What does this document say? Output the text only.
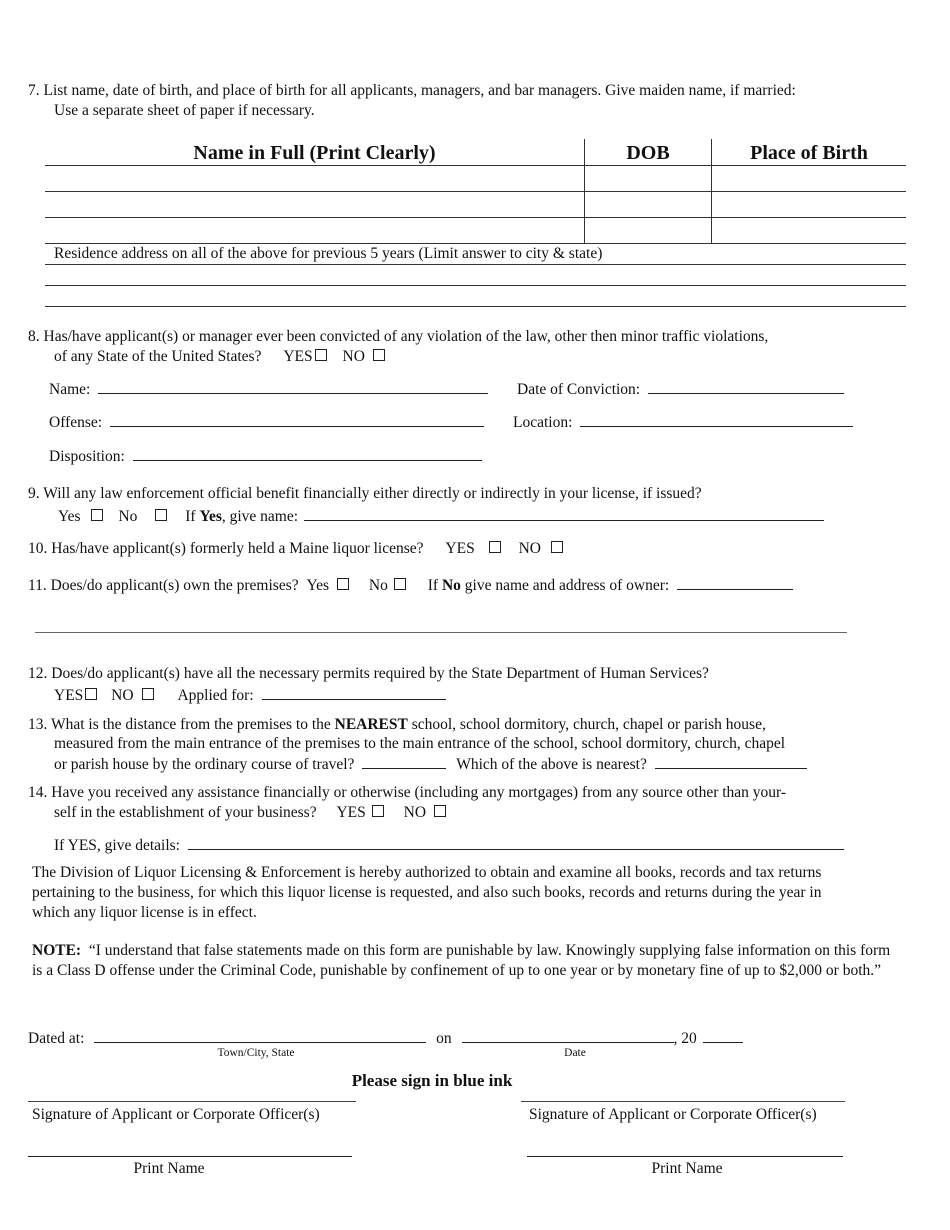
7. List name, date of birth, and place of birth for all applicants, managers, and bar managers. Give maiden name, if married:
Use a separate sheet of paper if necessary.
Name in Full (Print Clearly)	DOB	Place of Birth
Residence address on all of the above for previous 5 years (Limit answer to city & state)
8. Has/have applicant(s) or manager ever been convicted of any violation of the law, other then minor traffic violations,
of any State of the United States? YES NO
Name:	Date of Conviction:
Offense:	Location:
Disposition:
9. Will any law enforcement official benefit financially either directly or indirectly in your license, if issued?
Yes No	If Yes, give name:
10. Has/have applicant(s) formerly held a Maine liquor license? YES	NO
11. Does/do applicant(s) own the premises? Yes	No	If No give name and address of owner:
12. Does/do applicant(s) have all the necessary permits required by the State Department of Human Services?
YES NO	Applied for:
13. What is the distance from the premises to the NEAREST school, school dormitory, church, chapel or parish house,
measured from the main entrance of the premises to the main entrance of the school, school dormitory, church, chapel
or parish house by the ordinary course of travel?	Which of the above is nearest?
14. Have you received any assistance financially or otherwise (including any mortgages) from any source other than your-
self in the establishment of your business? YES NO
If YES, give details:
The Division of Liquor Licensing & Enforcement is hereby authorized to obtain and examine all books, records and tax returns pertaining to the business, for which this liquor license is requested, and also such books, records and returns during the year in which any liquor license is in effect.
NOTE: “I understand that false statements made on this form are punishable by law. Knowingly supplying false information on this form is a Class D offense under the Criminal Code, punishable by confinement of up to one year or by monetary fine of up to $2,000 or both.”
Dated at:	on	, 20
Town/City, State	Date
Please sign in blue ink
Signature of Applicant or Corporate Officer(s)	Signature of Applicant or Corporate Officer(s)
Print Name	Print Name
